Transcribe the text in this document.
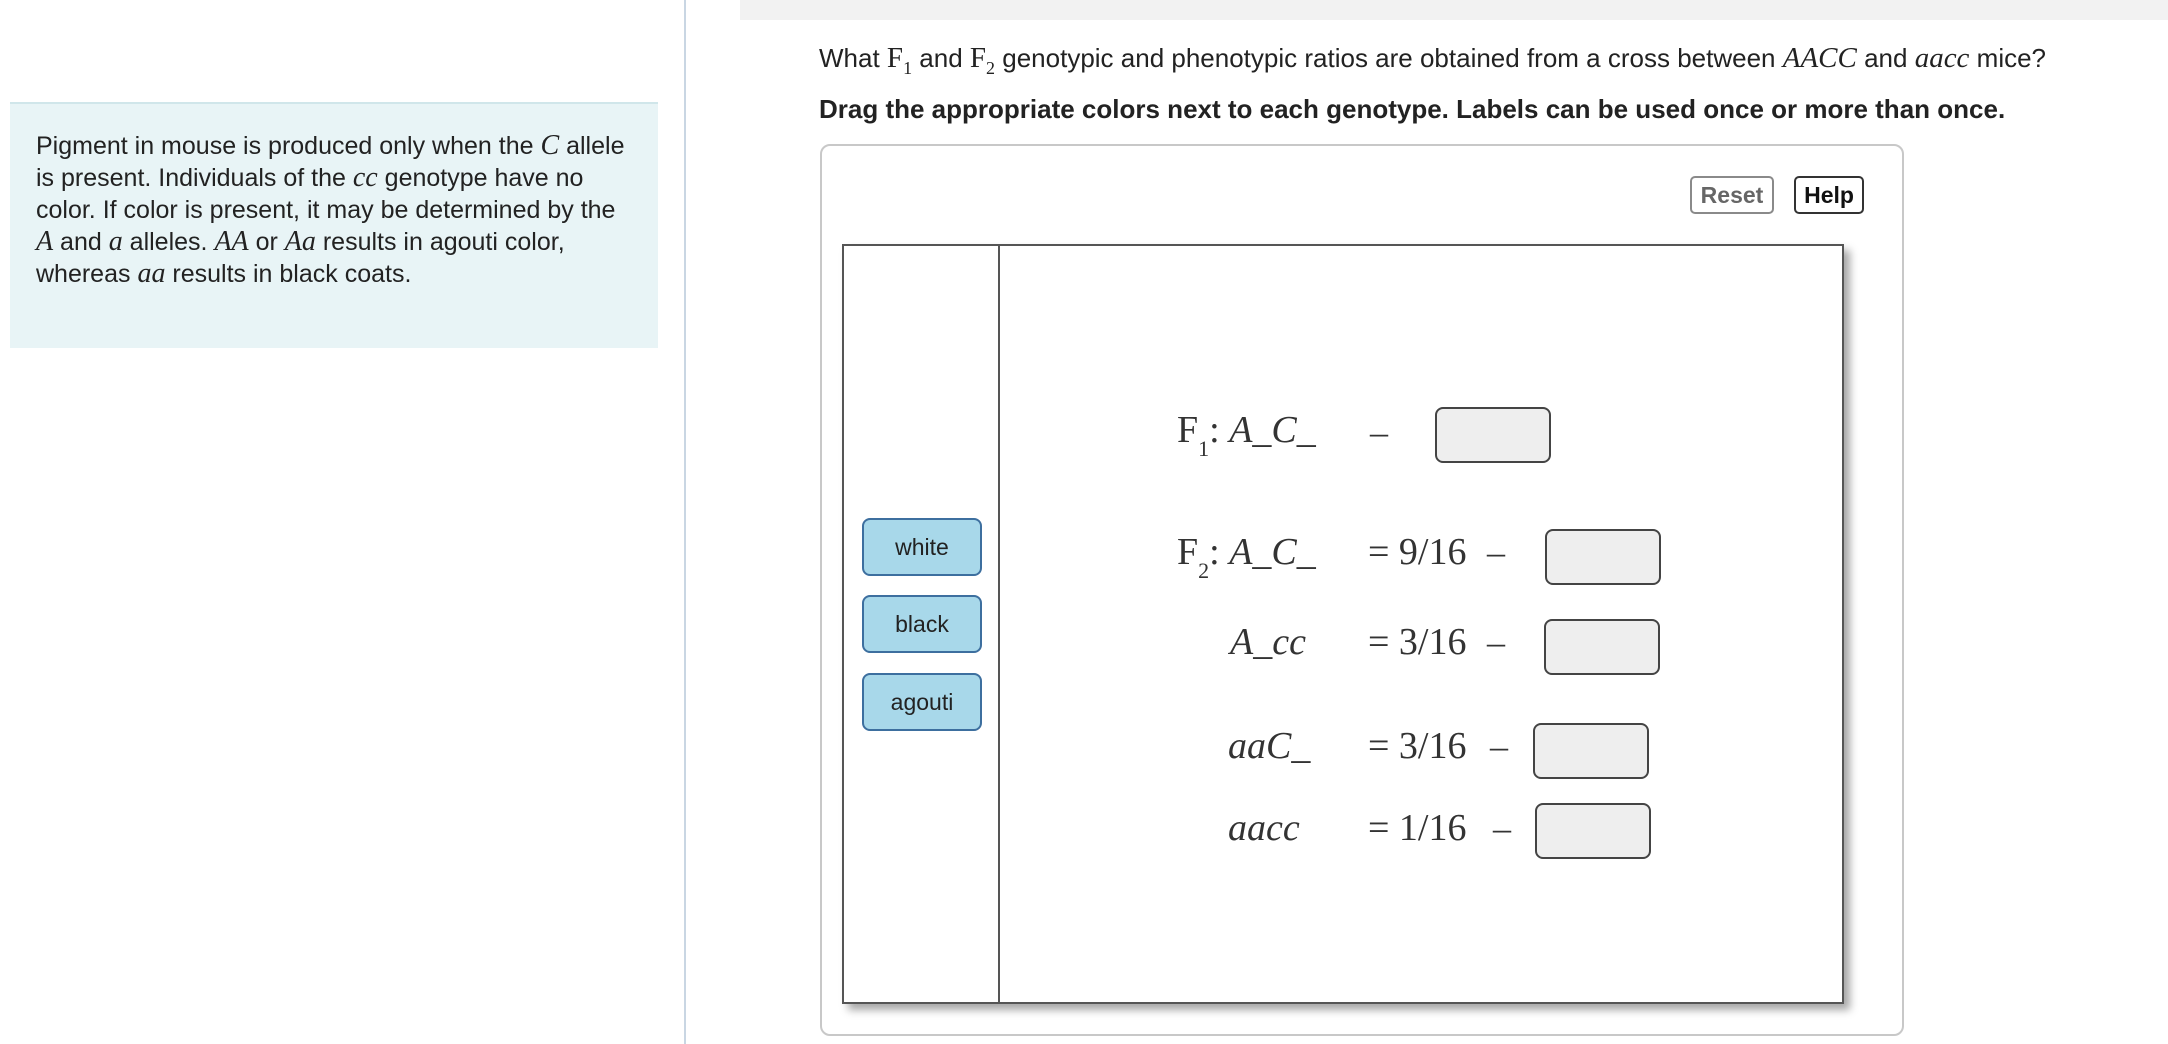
Pigment in mouse is produced only when the C allele is present. Individuals of the cc genotype have no color. If color is present, it may be determined by the A and a alleles. AA or Aa results in agouti color, whereas aa results in black coats.
What $F_1$ and $F_2$ genotypic and phenotypic ratios are obtained from a cross between AACC and aacc mice?
Drag the appropriate colors next to each genotype. Labels can be used once or more than once.
Reset	Help
white
black
agouti
$F_1$: A_C_ –
$F_2$: A_C_ = 9/16 –
A_cc = 3/16 –
aaC_ = 3/16 –
aacc = 1/16 –
